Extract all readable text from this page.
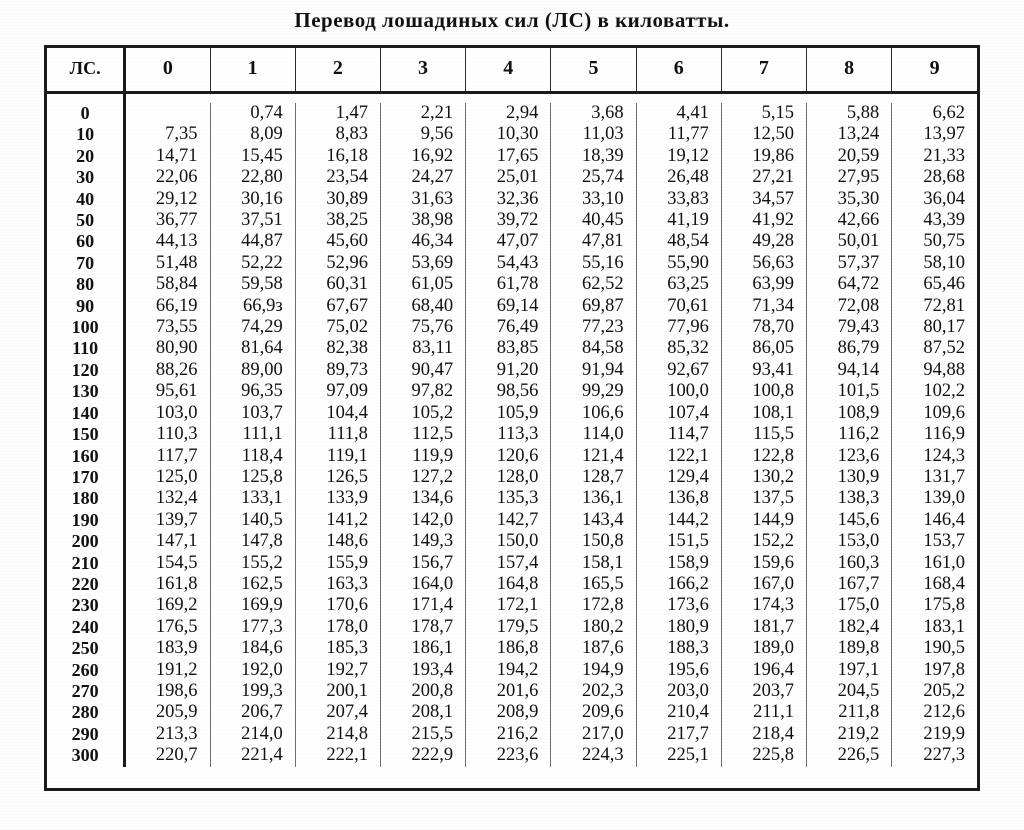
Перевод лошадиных сил (ЛС) в киловатты.
ЛС.	0	1	2	3	4	5	6	7	8	9

0		0,74	1,47	2,21	2,94	3,68	4,41	5,15	5,88	6,62
10	7,35	8,09	8,83	9,56	10,30	11,03	11,77	12,50	13,24	13,97
20	14,71	15,45	16,18	16,92	17,65	18,39	19,12	19,86	20,59	21,33
30	22,06	22,80	23,54	24,27	25,01	25,74	26,48	27,21	27,95	28,68
40	29,12	30,16	30,89	31,63	32,36	33,10	33,83	34,57	35,30	36,04
50	36,77	37,51	38,25	38,98	39,72	40,45	41,19	41,92	42,66	43,39
60	44,13	44,87	45,60	46,34	47,07	47,81	48,54	49,28	50,01	50,75
70	51,48	52,22	52,96	53,69	54,43	55,16	55,90	56,63	57,37	58,10
80	58,84	59,58	60,31	61,05	61,78	62,52	63,25	63,99	64,72	65,46
90	66,19	66,9з	67,67	68,40	69,14	69,87	70,61	71,34	72,08	72,81
100	73,55	74,29	75,02	75,76	76,49	77,23	77,96	78,70	79,43	80,17
110	80,90	81,64	82,38	83,11	83,85	84,58	85,32	86,05	86,79	87,52
120	88,26	89,00	89,73	90,47	91,20	91,94	92,67	93,41	94,14	94,88
130	95,61	96,35	97,09	97,82	98,56	99,29	100,0	100,8	101,5	102,2
140	103,0	103,7	104,4	105,2	105,9	106,6	107,4	108,1	108,9	109,6
150	110,3	111,1	111,8	112,5	113,3	114,0	114,7	115,5	116,2	116,9
160	117,7	118,4	119,1	119,9	120,6	121,4	122,1	122,8	123,6	124,3
170	125,0	125,8	126,5	127,2	128,0	128,7	129,4	130,2	130,9	131,7
180	132,4	133,1	133,9	134,6	135,3	136,1	136,8	137,5	138,3	139,0
190	139,7	140,5	141,2	142,0	142,7	143,4	144,2	144,9	145,6	146,4
200	147,1	147,8	148,6	149,3	150,0	150,8	151,5	152,2	153,0	153,7
210	154,5	155,2	155,9	156,7	157,4	158,1	158,9	159,6	160,3	161,0
220	161,8	162,5	163,3	164,0	164,8	165,5	166,2	167,0	167,7	168,4
230	169,2	169,9	170,6	171,4	172,1	172,8	173,6	174,3	175,0	175,8
240	176,5	177,3	178,0	178,7	179,5	180,2	180,9	181,7	182,4	183,1
250	183,9	184,6	185,3	186,1	186,8	187,6	188,3	189,0	189,8	190,5
260	191,2	192,0	192,7	193,4	194,2	194,9	195,6	196,4	197,1	197,8
270	198,6	199,3	200,1	200,8	201,6	202,3	203,0	203,7	204,5	205,2
280	205,9	206,7	207,4	208,1	208,9	209,6	210,4	211,1	211,8	212,6
290	213,3	214,0	214,8	215,5	216,2	217,0	217,7	218,4	219,2	219,9
300	220,7	221,4	222,1	222,9	223,6	224,3	225,1	225,8	226,5	227,3
